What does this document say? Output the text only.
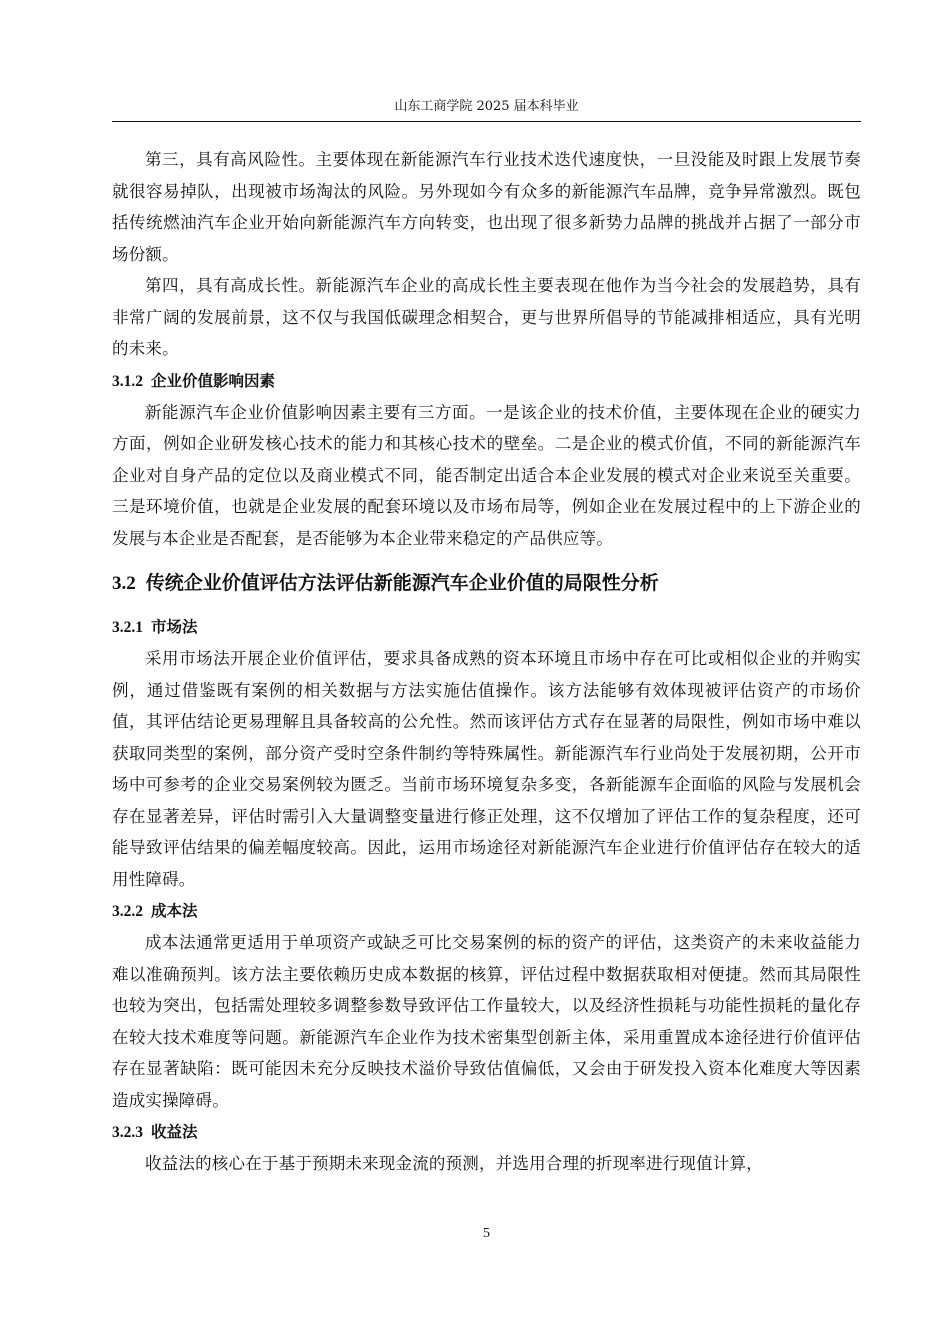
山东工商学院 2025 届本科毕业

第三，具有高风险性。主要体现在新能源汽车行业技术迭代速度快，一旦没能及时跟上发展节奏就很容易掉队，出现被市场淘汰的风险。另外现如今有众多的新能源汽车品牌，竞争异常激烈。既包括传统燃油汽车企业开始向新能源汽车方向转变，也出现了很多新势力品牌的挑战并占据了一部分市场份额。

第四，具有高成长性。新能源汽车企业的高成长性主要表现在他作为当今社会的发展趋势，具有非常广阔的发展前景，这不仅与我国低碳理念相契合，更与世界所倡导的节能减排相适应，具有光明的未来。

3.1.2 企业价值影响因素

新能源汽车企业价值影响因素主要有三方面。一是该企业的技术价值，主要体现在企业的硬实力方面，例如企业研发核心技术的能力和其核心技术的壁垒。二是企业的模式价值，不同的新能源汽车企业对自身产品的定位以及商业模式不同，能否制定出适合本企业发展的模式对企业来说至关重要。三是环境价值，也就是企业发展的配套环境以及市场布局等，例如企业在发展过程中的上下游企业的发展与本企业是否配套，是否能够为本企业带来稳定的产品供应等。

3.2 传统企业价值评估方法评估新能源汽车企业价值的局限性分析
3.2.1 市场法

采用市场法开展企业价值评估，要求具备成熟的资本环境且市场中存在可比或相似企业的并购实例，通过借鉴既有案例的相关数据与方法实施估值操作。该方法能够有效体现被评估资产的市场价值，其评估结论更易理解且具备较高的公允性。然而该评估方式存在显著的局限性，例如市场中难以获取同类型的案例，部分资产受时空条件制约等特殊属性。新能源汽车行业尚处于发展初期，公开市场中可参考的企业交易案例较为匮乏。当前市场环境复杂多变，各新能源车企面临的风险与发展机会存在显著差异，评估时需引入大量调整变量进行修正处理，这不仅增加了评估工作的复杂程度，还可能导致评估结果的偏差幅度较高。因此，运用市场途径对新能源汽车企业进行价值评估存在较大的适用性障碍。

3.2.2 成本法

成本法通常更适用于单项资产或缺乏可比交易案例的标的资产的评估，这类资产的未来收益能力难以准确预判。该方法主要依赖历史成本数据的核算，评估过程中数据获取相对便捷。然而其局限性也较为突出，包括需处理较多调整参数导致评估工作量较大，以及经济性损耗与功能性损耗的量化存在较大技术难度等问题。新能源汽车企业作为技术密集型创新主体，采用重置成本途径进行价值评估存在显著缺陷：既可能因未充分反映技术溢价导致估值偏低，又会由于研发投入资本化难度大等因素造成实操障碍。

3.2.3 收益法

收益法的核心在于基于预期未来现金流的预测，并选用合理的折现率进行现值计算，

5
